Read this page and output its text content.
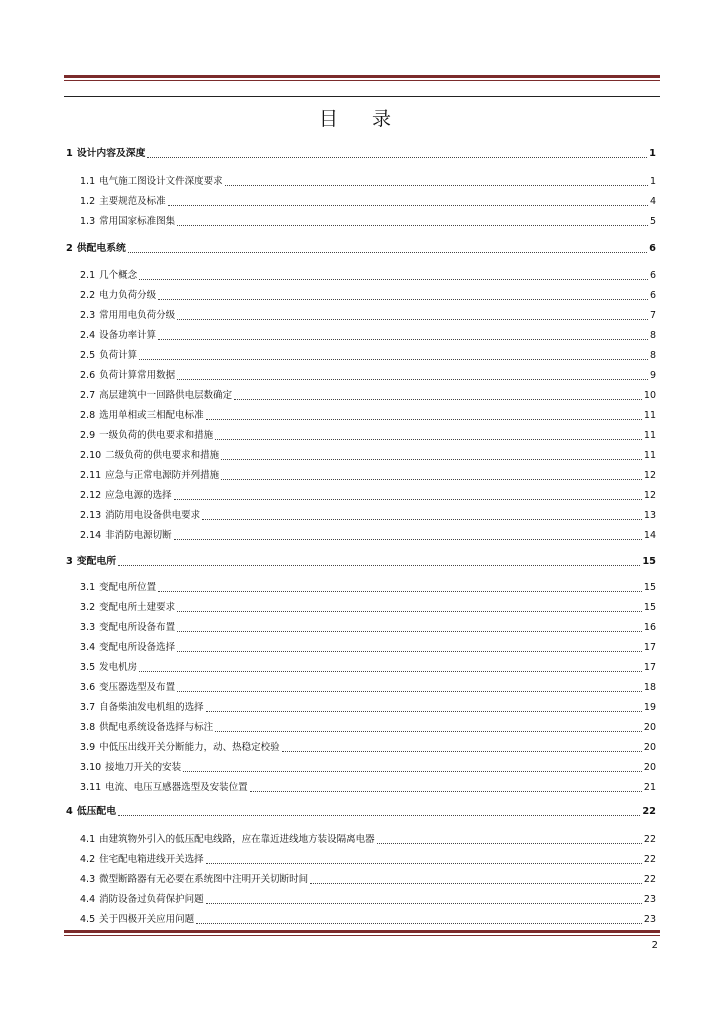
目 录
1 设计内容及深度	1
1.1 电气施工图设计文件深度要求	1
1.2 主要规范及标准	4
1.3 常用国家标准图集	5
2 供配电系统	6
2.1 几个概念	6
2.2 电力负荷分级	6
2.3 常用用电负荷分级	7
2.4 设备功率计算	8
2.5 负荷计算	8
2.6 负荷计算常用数据	9
2.7 高层建筑中一回路供电层数确定	10
2.8 选用单相或三相配电标准	11
2.9 一级负荷的供电要求和措施	11
2.10 二级负荷的供电要求和措施	11
2.11 应急与正常电源防并列措施	12
2.12 应急电源的选择	12
2.13 消防用电设备供电要求	13
2.14 非消防电源切断	14
3 变配电所	15
3.1 变配电所位置	15
3.2 变配电所土建要求	15
3.3 变配电所设备布置	16
3.4 变配电所设备选择	17
3.5 发电机房	17
3.6 变压器选型及布置	18
3.7 自备柴油发电机组的选择	19
3.8 供配电系统设备选择与标注	20
3.9 中低压出线开关分断能力，动、热稳定校验	20
3.10 接地刀开关的安装	20
3.11 电流、电压互感器选型及安装位置	21
4 低压配电	22
4.1 由建筑物外引入的低压配电线路，应在靠近进线地方装设隔离电器	22
4.2 住宅配电箱进线开关选择	22
4.3 微型断路器有无必要在系统图中注明开关切断时间	22
4.4 消防设备过负荷保护问题	23
4.5 关于四极开关应用问题	23
2
